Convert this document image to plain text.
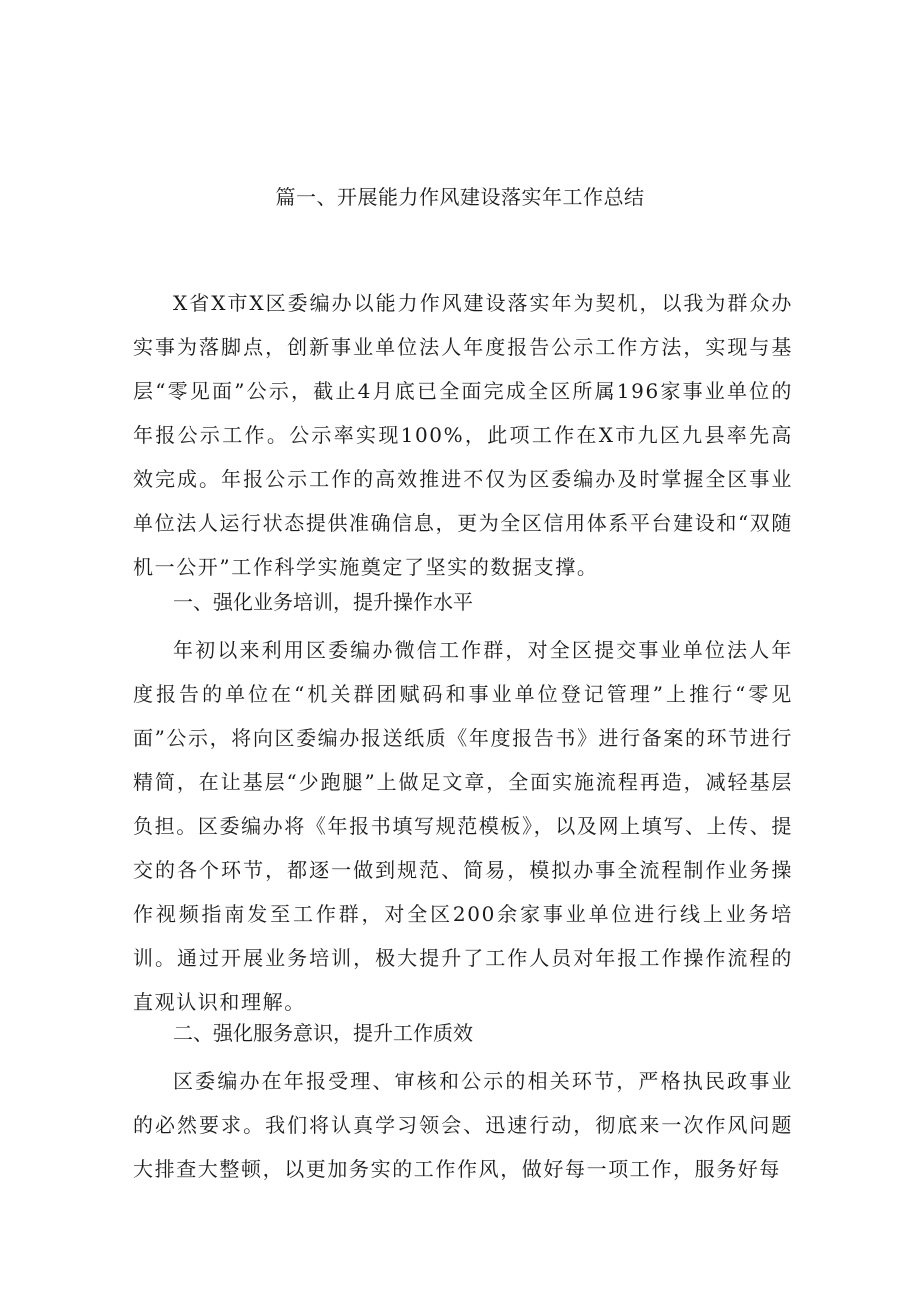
篇一、开展能力作风建设落实年工作总结

X省X市X区委编办以能力作风建设落实年为契机，以我为群众办实事为落脚点，创新事业单位法人年度报告公示工作方法，实现与基层“零见面”公示，截止4月底已全面完成全区所属196家事业单位的年报公示工作。公示率实现100%，此项工作在X市九区九县率先高效完成。年报公示工作的高效推进不仅为区委编办及时掌握全区事业单位法人运行状态提供准确信息，更为全区信用体系平台建设和“双随机一公开”工作科学实施奠定了坚实的数据支撑。

一、强化业务培训，提升操作水平

年初以来利用区委编办微信工作群，对全区提交事业单位法人年度报告的单位在“机关群团赋码和事业单位登记管理”上推行“零见面”公示，将向区委编办报送纸质《年度报告书》进行备案的环节进行精简，在让基层“少跑腿”上做足文章，全面实施流程再造，减轻基层负担。区委编办将《年报书填写规范模板》，以及网上填写、上传、提交的各个环节，都逐一做到规范、简易，模拟办事全流程制作业务操作视频指南发至工作群，对全区200余家事业单位进行线上业务培训。通过开展业务培训，极大提升了工作人员对年报工作操作流程的直观认识和理解。

二、强化服务意识，提升工作质效

区委编办在年报受理、审核和公示的相关环节，严格执民政事业的必然要求。我们将认真学习领会、迅速行动，彻底来一次作风问题大排查大整顿，以更加务实的工作作风，做好每一项工作，服务好每
